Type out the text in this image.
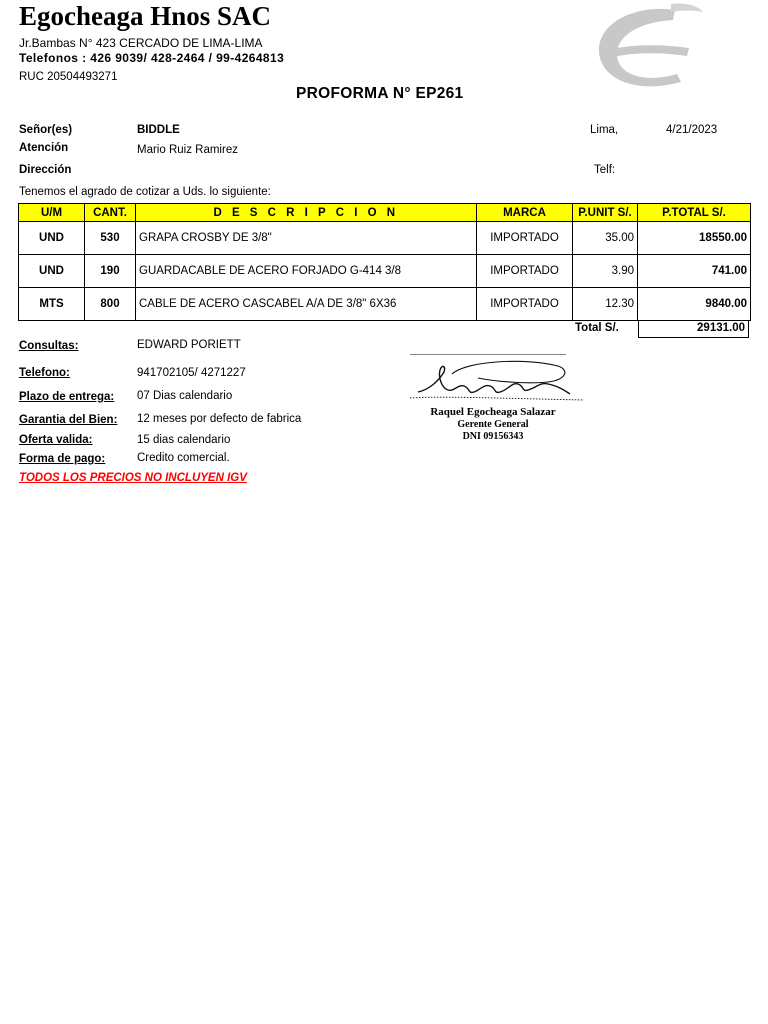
Egocheaga Hnos SAC
Jr.Bambas N° 423 CERCADO DE LIMA-LIMA
Telefonos : 426 9039/ 428-2464 / 99-4264813
RUC 20504493271
PROFORMA N° EP261
Señor(es)	BIDDLE	Lima,	4/21/2023
Atención	Mario Ruiz Ramirez
Dirección	Telf:
Tenemos el agrado de cotizar a Uds. lo siguiente:
U/M	CANT.	D E S C R I P C I O N	MARCA	P.UNIT S/.	P.TOTAL S/.
UND	530	GRAPA CROSBY DE 3/8"	IMPORTADO	35.00	18550.00
UND	190	GUARDACABLE DE ACERO FORJADO G-414 3/8	IMPORTADO	3.90	741.00
MTS	800	CABLE DE ACERO CASCABEL A/A DE 3/8" 6X36	IMPORTADO	12.30	9840.00
Total S/.	29131.00
Consultas:	EDWARD PORIETT
Telefono:	941702105/ 4271227
Plazo de entrega: 07 Dias calendario
Garantia del Bien: 12 meses por defecto de fabrica
Oferta valida:	15 dias calendario
Forma de pago:	Credito comercial.
TODOS LOS PRECIOS NO INCLUYEN IGV
Raquel Egocheaga Salazar
Gerente General
DNI 09156343
